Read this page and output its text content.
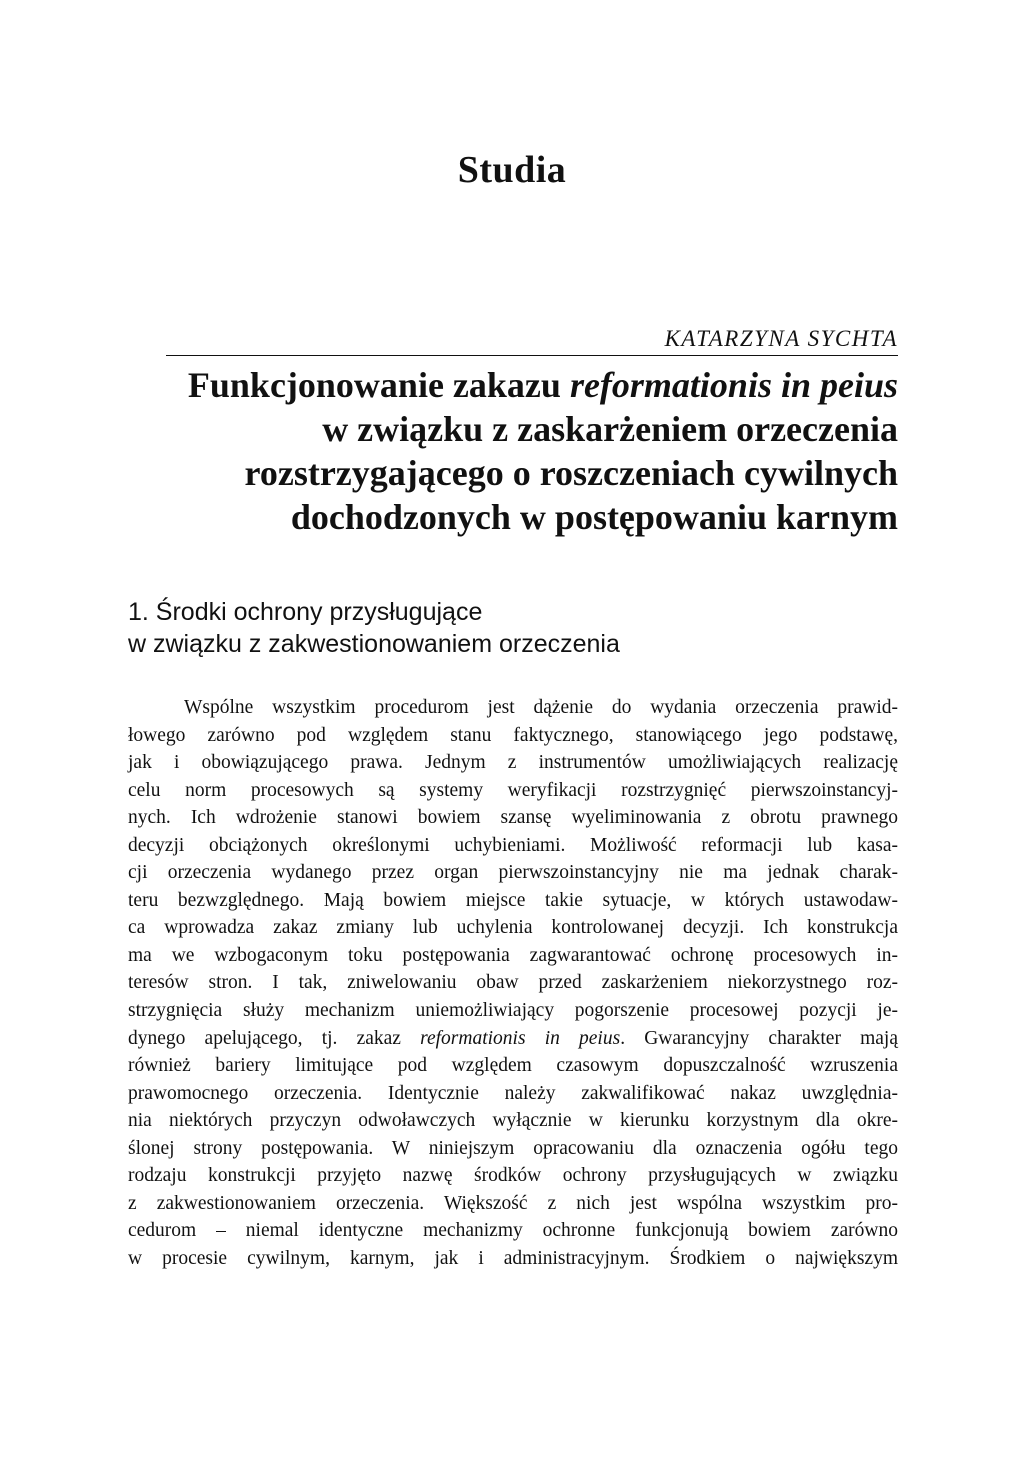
Studia
KATARZYNA SYCHTA
Funkcjonowanie zakazu reformationis in peius
w związku z zaskarżeniem orzeczenia
rozstrzygającego o roszczeniach cywilnych
dochodzonych w postępowaniu karnym
1. Środki ochrony przysługujące
w związku z zakwestionowaniem orzeczenia
Wspólne wszystkim procedurom jest dążenie do wydania orzeczenia prawid-
łowego zarówno pod względem stanu faktycznego, stanowiącego jego podstawę,
jak i obowiązującego prawa. Jednym z instrumentów umożliwiających realizację
celu norm procesowych są systemy weryfikacji rozstrzygnięć pierwszoinstancyj-
nych. Ich wdrożenie stanowi bowiem szansę wyeliminowania z obrotu prawnego
decyzji obciążonych określonymi uchybieniami. Możliwość reformacji lub kasa-
cji orzeczenia wydanego przez organ pierwszoinstancyjny nie ma jednak charak-
teru bezwzględnego. Mają bowiem miejsce takie sytuacje, w których ustawodaw-
ca wprowadza zakaz zmiany lub uchylenia kontrolowanej decyzji. Ich konstrukcja
ma we wzbogaconym toku postępowania zagwarantować ochronę procesowych in-
teresów stron. I tak, zniwelowaniu obaw przed zaskarżeniem niekorzystnego roz-
strzygnięcia służy mechanizm uniemożliwiający pogorszenie procesowej pozycji je-
dynego apelującego, tj. zakaz reformationis in peius. Gwarancyjny charakter mają
również bariery limitujące pod względem czasowym dopuszczalność wzruszenia
prawomocnego orzeczenia. Identycznie należy zakwalifikować nakaz uwzględnia-
nia niektórych przyczyn odwoławczych wyłącznie w kierunku korzystnym dla okre-
ślonej strony postępowania. W niniejszym opracowaniu dla oznaczenia ogółu tego
rodzaju konstrukcji przyjęto nazwę środków ochrony przysługujących w związku
z zakwestionowaniem orzeczenia. Większość z nich jest wspólna wszystkim pro-
cedurom – niemal identyczne mechanizmy ochronne funkcjonują bowiem zarówno
w procesie cywilnym, karnym, jak i administracyjnym. Środkiem o największym
